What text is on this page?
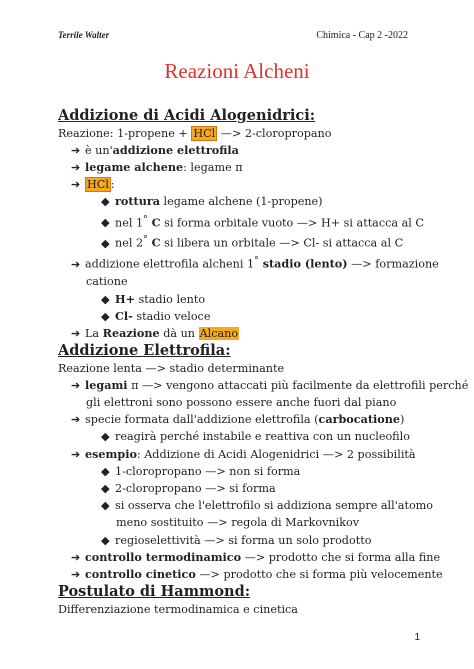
Terrile Walter	Chimica - Cap 2 -2022
Reazioni Alcheni
Addizione di Acidi Alogenidrici:
Reazione: 1-propene + HCl —> 2-cloropropano
➔ è un'addizione elettrofila
➔ legame alchene: legame π
➔ HCl :
◆ rottura legame alchene (1-propene)
◆ nel 1° C si forma orbitale vuoto —> H+ si attacca al C
◆ nel 2° C si libera un orbitale —> Cl- si attacca al C
➔ addizione elettrofila alcheni 1° stadio (lento) —> formazione
catione
◆ H+ stadio lento
◆ Cl- stadio veloce
➔ La Reazione dà un Alcano
Addizione Elettrofila:
Reazione lenta —> stadio determinante
➔ legami π —> vengono attaccati più facilmente da elettrofili perché
gli elettroni sono possono essere anche fuori dal piano
➔ specie formata dall'addizione elettrofila (carbocatione)
◆ reagirà perché instabile e reattiva con un nucleofilo
➔ esempio: Addizione di Acidi Alogenidrici —> 2 possibilità
◆ 1-cloropropano —> non si forma
◆ 2-cloropropano —> si forma
◆ si osserva che l'elettrofilo si addiziona sempre all'atomo
meno sostituito —> regola di Markovnikov
◆ regioselettività —> si forma un solo prodotto
➔ controllo termodinamico —> prodotto che si forma alla fine
➔ controllo cinetico —> prodotto che si forma più velocemente
Postulato di Hammond:
Differenziazione termodinamica e cinetica
1
